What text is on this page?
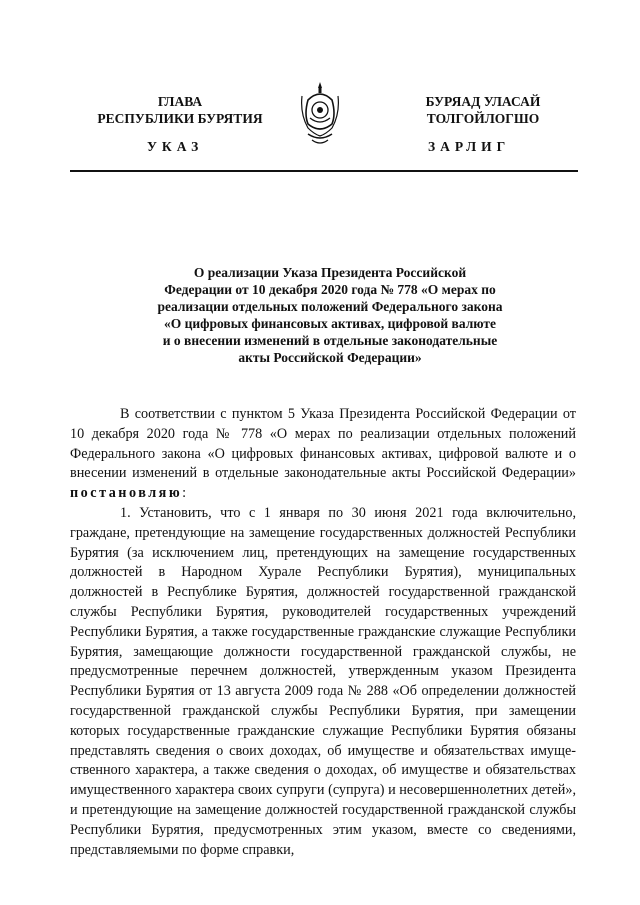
ГЛАВА
РЕСПУБЛИКИ БУРЯТИЯ
БУРЯАД УЛАСАЙ
ТОЛГОЙЛОГШО
УКАЗ	ЗАРЛИГ
О реализации Указа Президента Российской
Федерации от 10 декабря 2020 года № 778 «О мерах по
реализации отдельных положений Федерального закона
«О цифровых финансовых активах, цифровой валюте
и о внесении изменений в отдельные законодательные
акты Российской Федерации»
В соответствии с пунктом 5 Указа Президента Российской Федерации от 10 декабря 2020 года № 778 «О мерах по реализации отдельных положений Федерального закона «О цифровых финансовых активах, цифровой валюте и о внесении изменений в отдельные законодательные акты Российской Федерации» постановляю:
1. Установить, что с 1 января по 30 июня 2021 года включительно, граждане, претендующие на замещение государственных должностей Республики Бурятия (за исключением лиц, претендующих на замещение государственных должностей в Народном Хурале Республики Бурятия), муниципальных должностей в Республике Бурятия, должностей государственной гражданской службы Республики Бурятия, руководителей государственных учреждений Республики Бурятия, а также государственные гражданские служащие Республики Бурятия, замещающие должности государственной гражданской службы, не предусмотренные перечнем должностей, утвержденным указом Президента Республики Бурятия от 13 августа 2009 года № 288 «Об определении должностей государственной гражданской службы Республики Бурятия, при замещении которых государственные гражданские служащие Республики Бурятия обязаны представлять сведения о своих доходах, об имуществе и обязательствах имущественного характера, а также сведения о доходах, об имуществе и обязательствах имущественного характера своих супруги (супруга) и несовершеннолетних детей», и претендующие на замещение должностей государственной гражданской службы Республики Бурятия, предусмотренных этим указом, вместе со сведениями, представляемыми по форме справки,
